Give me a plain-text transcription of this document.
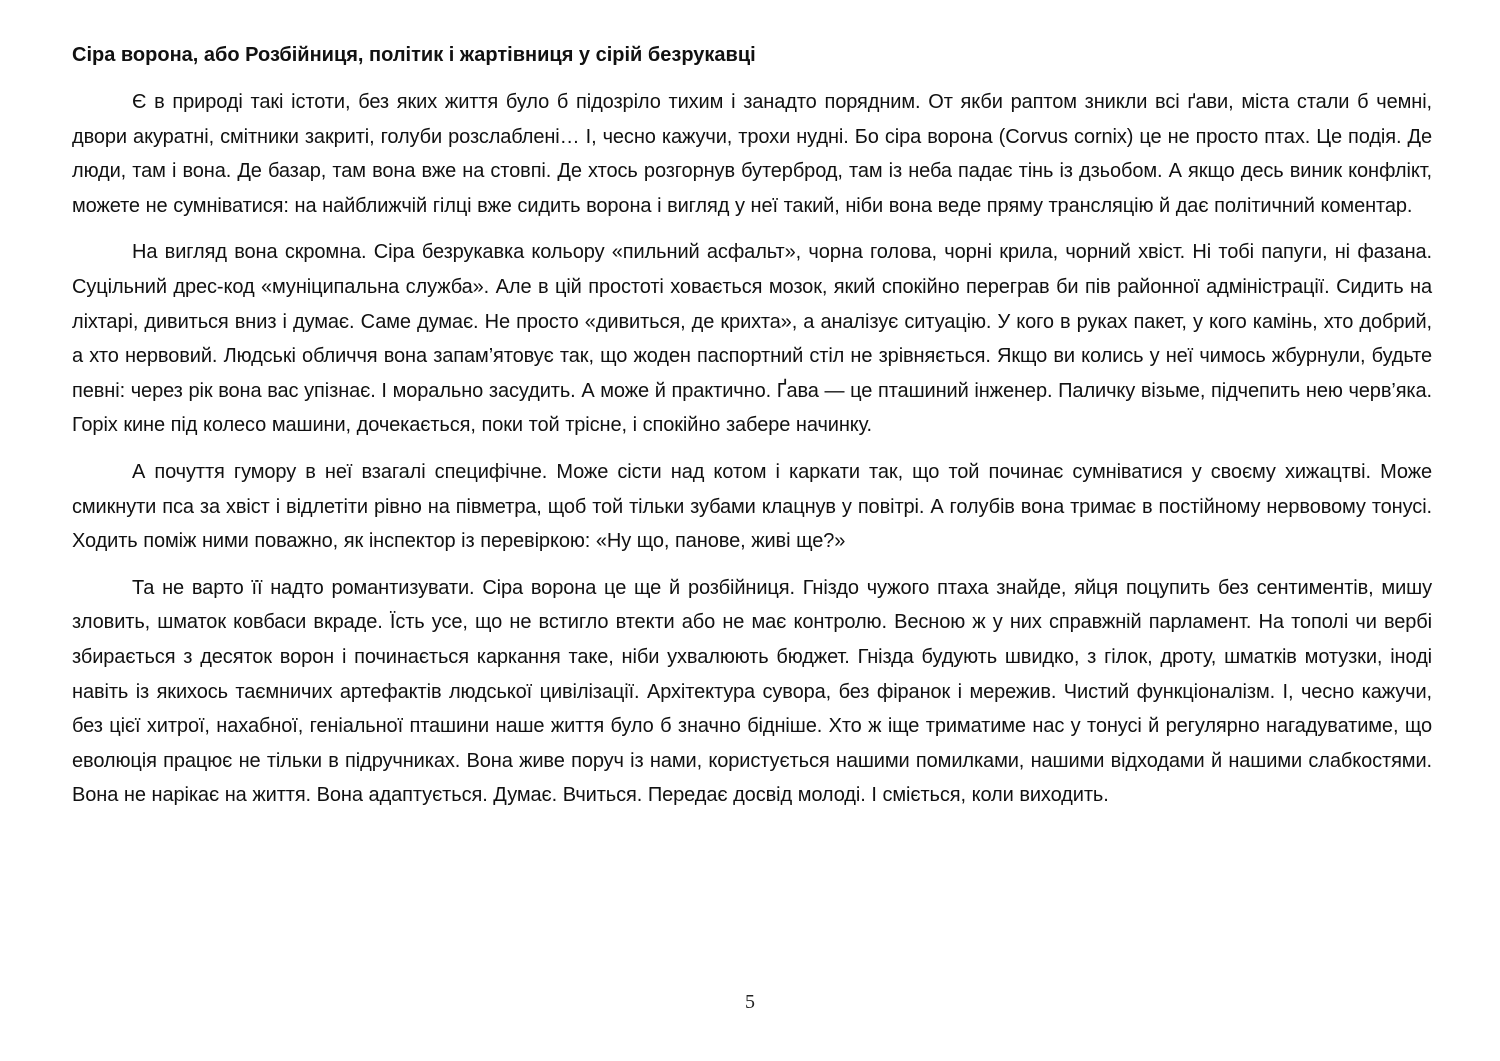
Сіра ворона, або Розбійниця, політик і жартівниця у сірій безрукавці

Є в природі такі істоти, без яких життя було б підозріло тихим і занадто порядним. От якби раптом зникли всі ґави, міста стали б чемні, двори акуратні, смітники закриті, голуби розслаблені… І, чесно кажучи, трохи нудні. Бо сіра ворона (Corvus cornix) це не просто птах. Це подія. Де люди, там і вона. Де базар, там вона вже на стовпі. Де хтось розгорнув бутерброд, там із неба падає тінь із дзьобом. А якщо десь виник конфлікт, можете не сумніватися: на найближчій гілці вже сидить ворона і вигляд у неї такий, ніби вона веде пряму трансляцію й дає політичний коментар.

На вигляд вона скромна. Сіра безрукавка кольору «пильний асфальт», чорна голова, чорні крила, чорний хвіст. Ні тобі папуги, ні фазана. Суцільний дрес-код «муніципальна служба». Але в цій простоті ховається мозок, який спокійно переграв би пів районної адміністрації. Сидить на ліхтарі, дивиться вниз і думає. Саме думає. Не просто «дивиться, де крихта», а аналізує ситуацію. У кого в руках пакет, у кого камінь, хто добрий, а хто нервовий. Людські обличчя вона запам’ятовує так, що жоден паспортний стіл не зрівняється. Якщо ви колись у неї чимось жбурнули, будьте певні: через рік вона вас упізнає. І морально засудить. А може й практично. Ґава — це пташиний інженер. Паличку візьме, підчепить нею черв’яка. Горіх кине під колесо машини, дочекається, поки той трісне, і спокійно забере начинку.

А почуття гумору в неї взагалі специфічне. Може сісти над котом і каркати так, що той починає сумніватися у своєму хижацтві. Може смикнути пса за хвіст і відлетіти рівно на півметра, щоб той тільки зубами клацнув у повітрі. А голубів вона тримає в постійному нервовому тонусі. Ходить поміж ними поважно, як інспектор із перевіркою: «Ну що, панове, живі ще?»

Та не варто її надто романтизувати. Сіра ворона це ще й розбійниця. Гніздо чужого птаха знайде, яйця поцупить без сентиментів, мишу зловить, шматок ковбаси вкраде. Їсть усе, що не встигло втекти або не має контролю. Весною ж у них справжній парламент. На тополі чи вербі збирається з десяток ворон і починається каркання таке, ніби ухвалюють бюджет. Гнізда будують швидко, з гілок, дроту, шматків мотузки, іноді навіть із якихось таємничих артефактів людської цивілізації. Архітектура сувора, без фіранок і мережив. Чистий функціоналізм. І, чесно кажучи, без цієї хитрої, нахабної, геніальної пташини наше життя було б значно бідніше. Хто ж іще триматиме нас у тонусі й регулярно нагадуватиме, що еволюція працює не тільки в підручниках. Вона живе поруч із нами, користується нашими помилками, нашими відходами й нашими слабкостями. Вона не нарікає на життя. Вона адаптується. Думає. Вчиться. Передає досвід молоді. І сміється, коли виходить.

5
